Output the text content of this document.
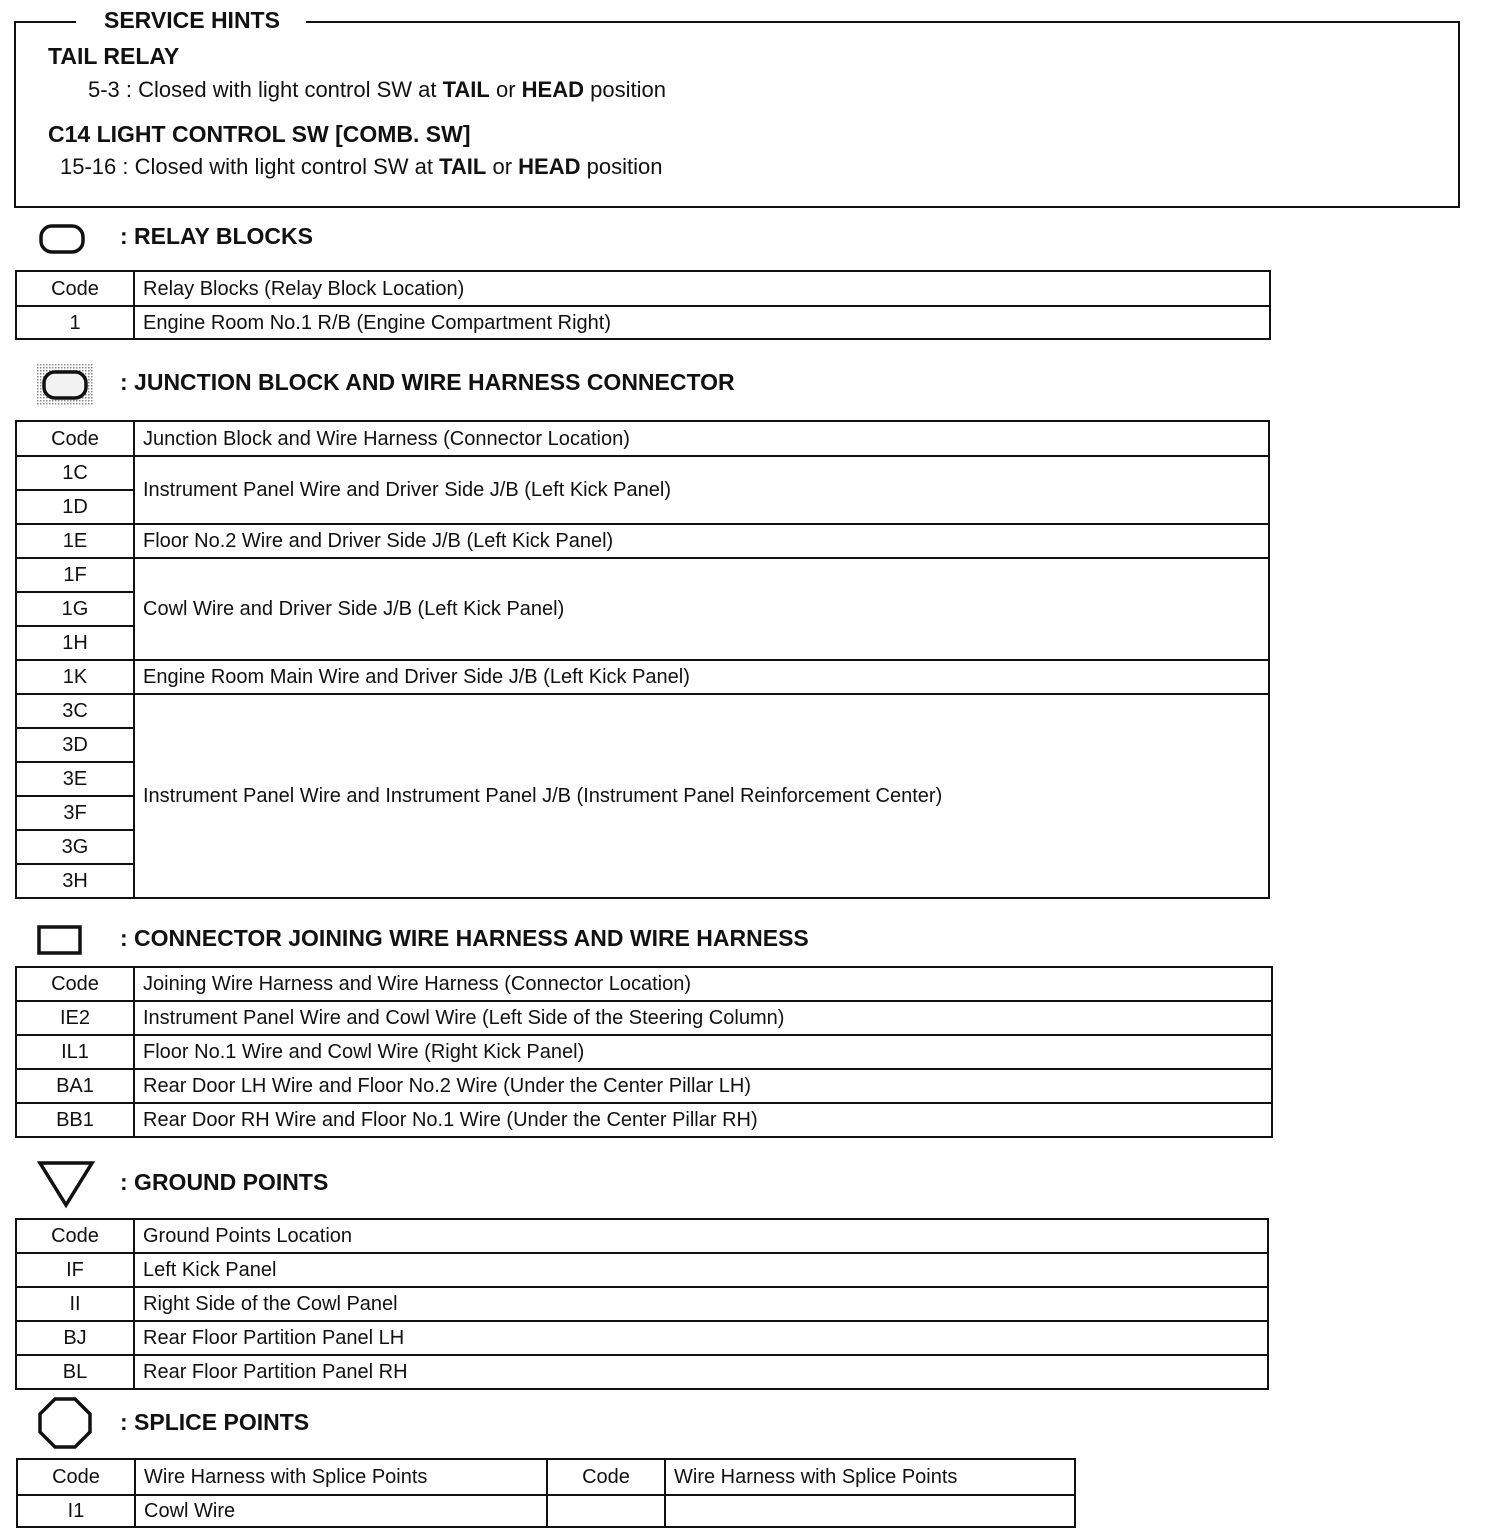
SERVICE HINTS
TAIL RELAY
5-3 : Closed with light control SW at TAIL or HEAD position
C14 LIGHT CONTROL SW [COMB. SW]
15-16 : Closed with light control SW at TAIL or HEAD position
: RELAY BLOCKS
Code	Relay Blocks (Relay Block Location)
1	Engine Room No.1 R/B (Engine Compartment Right)
: JUNCTION BLOCK AND WIRE HARNESS CONNECTOR
Code	Junction Block and Wire Harness (Connector Location)
1C	Instrument Panel Wire and Driver Side J/B (Left Kick Panel)
1D	
1E	Floor No.2 Wire and Driver Side J/B (Left Kick Panel)
1F	Cowl Wire and Driver Side J/B (Left Kick Panel)
1G	
1H	
1K	Engine Room Main Wire and Driver Side J/B (Left Kick Panel)
3C	Instrument Panel Wire and Instrument Panel J/B (Instrument Panel Reinforcement Center)
3D	
3E	
3F	
3G	
3H	
: CONNECTOR JOINING WIRE HARNESS AND WIRE HARNESS
Code	Joining Wire Harness and Wire Harness (Connector Location)
IE2	Instrument Panel Wire and Cowl Wire (Left Side of the Steering Column)
IL1	Floor No.1 Wire and Cowl Wire (Right Kick Panel)
BA1	Rear Door LH Wire and Floor No.2 Wire (Under the Center Pillar LH)
BB1	Rear Door RH Wire and Floor No.1 Wire (Under the Center Pillar RH)
: GROUND POINTS
Code	Ground Points Location
IF	Left Kick Panel
II	Right Side of the Cowl Panel
BJ	Rear Floor Partition Panel LH
BL	Rear Floor Partition Panel RH
: SPLICE POINTS
Code	Wire Harness with Splice Points	Code	Wire Harness with Splice Points
I1	Cowl Wire		
